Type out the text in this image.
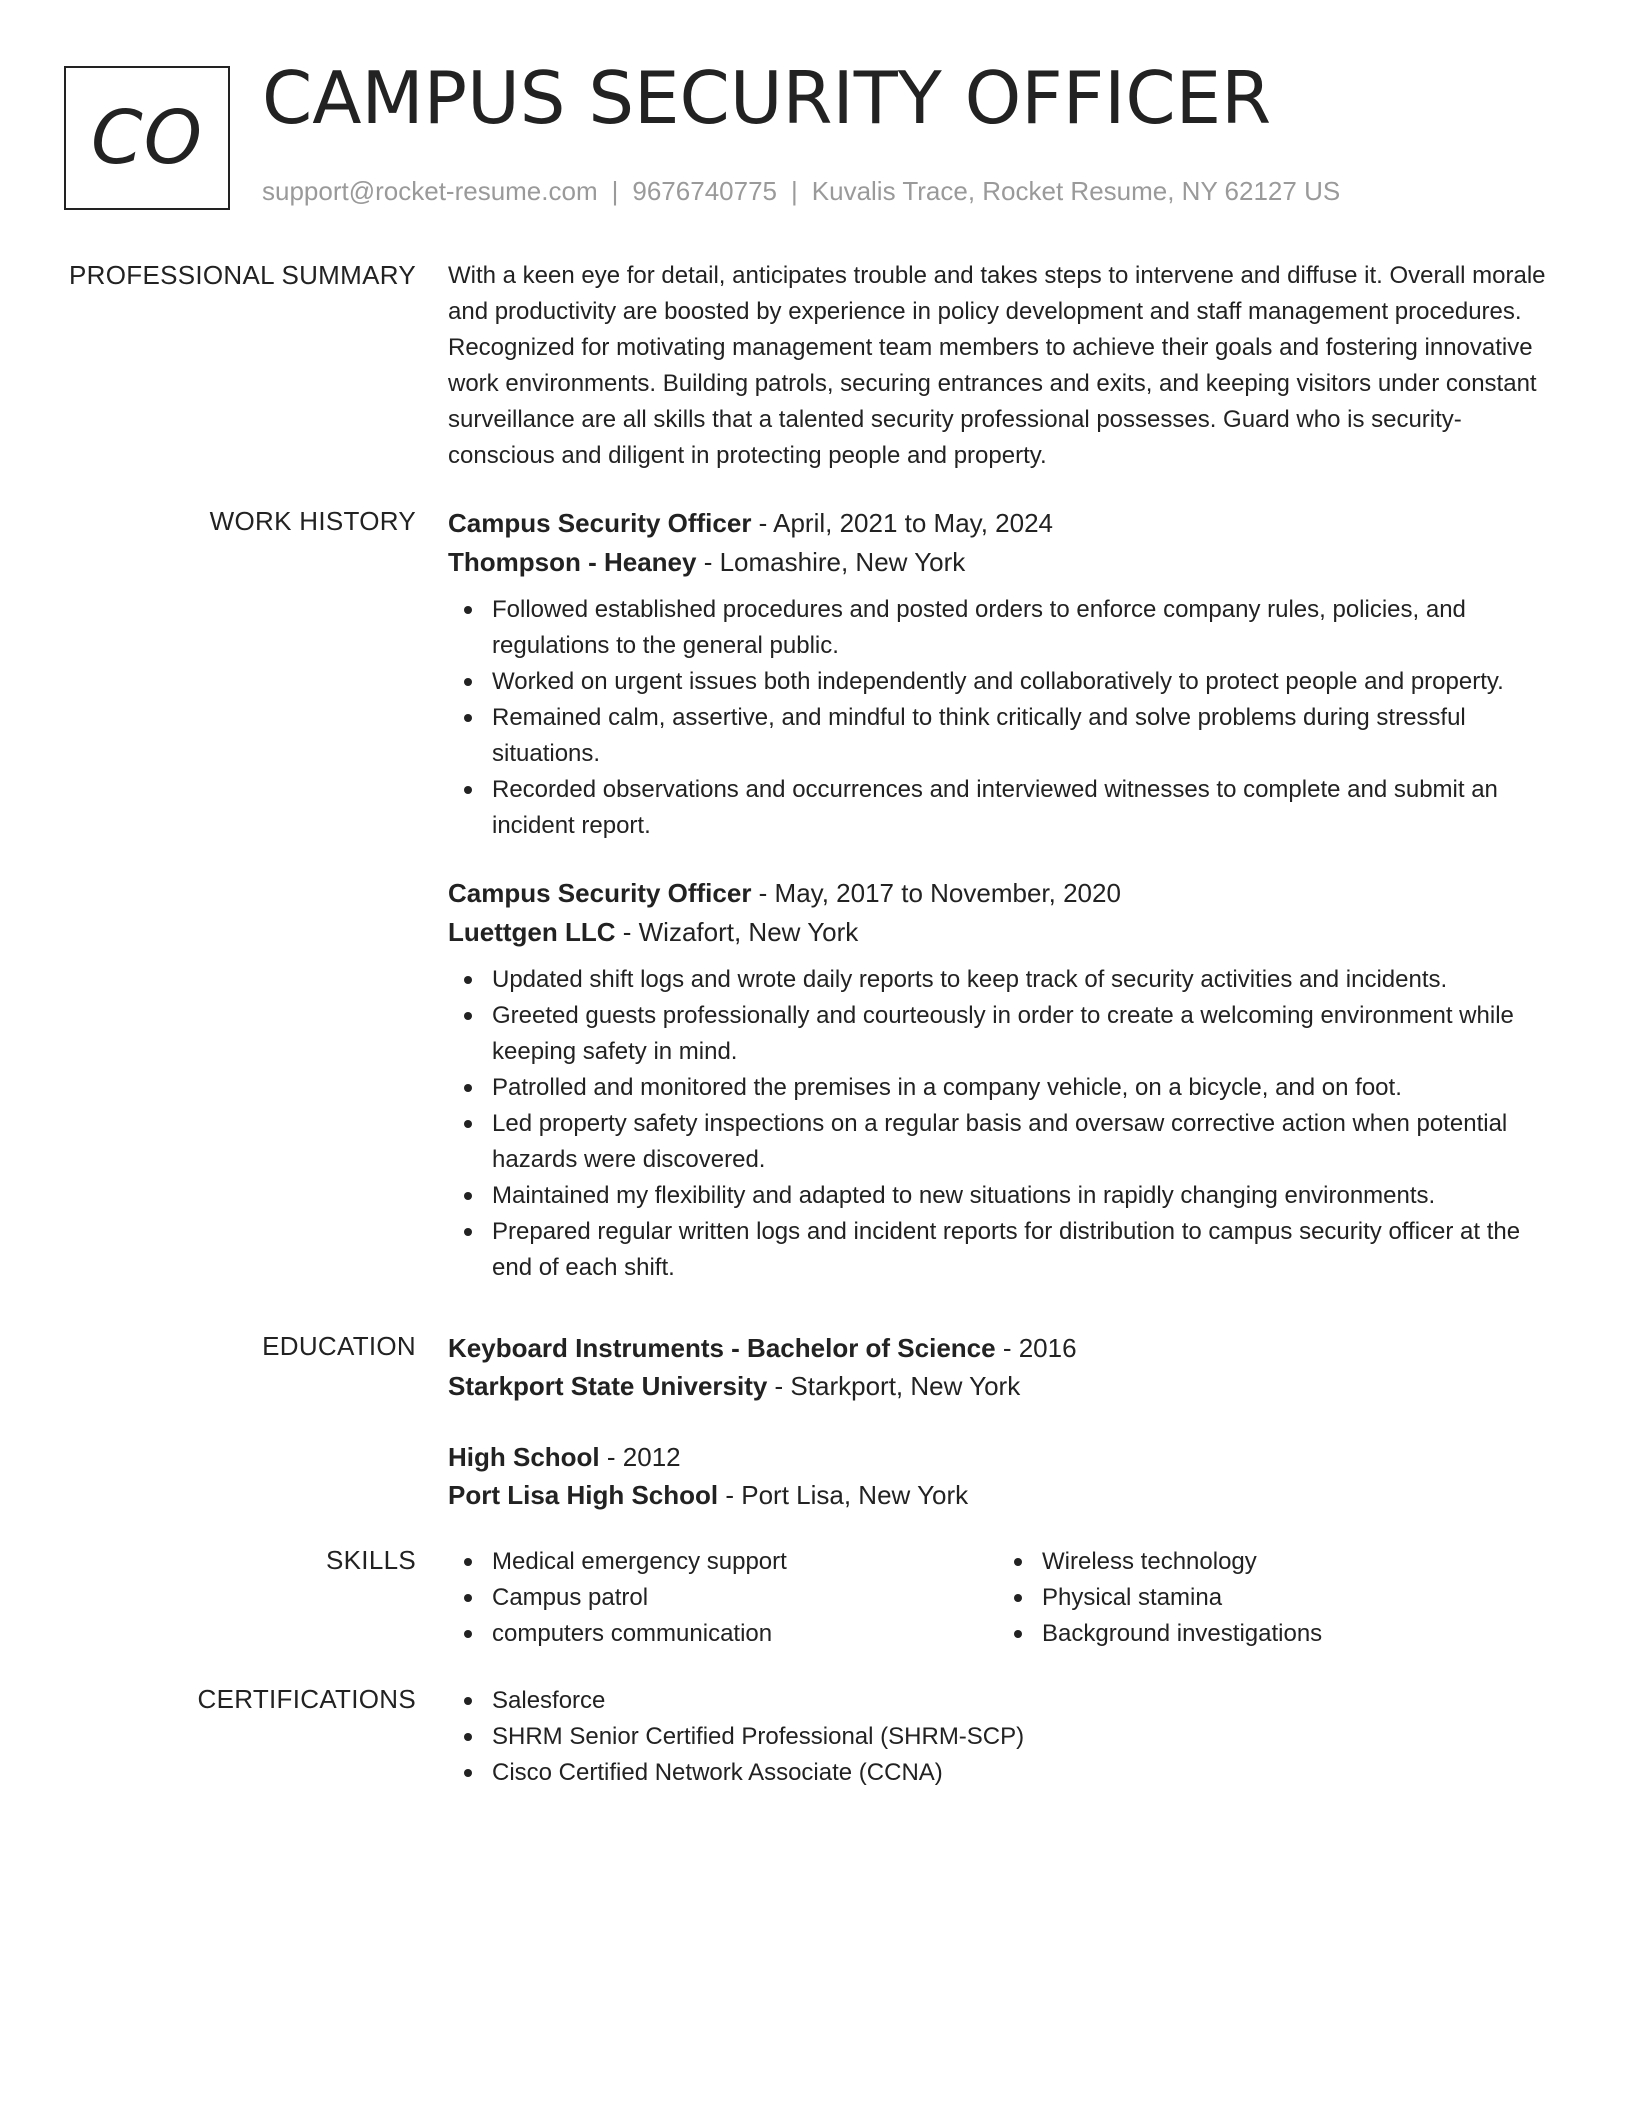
CO CAMPUS SECURITY OFFICER
support@rocket-resume.com | 9676740775 | Kuvalis Trace, Rocket Resume, NY 62127 US
PROFESSIONAL SUMMARY With a keen eye for detail, anticipates trouble and takes steps to intervene and diffuse it. Overall morale and productivity are boosted by experience in policy development and staff management procedures. Recognized for motivating management team members to achieve their goals and fostering innovative work environments. Building patrols, securing entrances and exits, and keeping visitors under constant surveillance are all skills that a talented security professional possesses. Guard who is security-conscious and diligent in protecting people and property.
WORK HISTORY Campus Security Officer - April, 2021 to May, 2024
Thompson - Heaney - Lomashire, New York
Followed established procedures and posted orders to enforce company rules, policies, and regulations to the general public.
Worked on urgent issues both independently and collaboratively to protect people and property.
Remained calm, assertive, and mindful to think critically and solve problems during stressful situations.
Recorded observations and occurrences and interviewed witnesses to complete and submit an incident report.
Campus Security Officer - May, 2017 to November, 2020
Luettgen LLC - Wizafort, New York
Updated shift logs and wrote daily reports to keep track of security activities and incidents.
Greeted guests professionally and courteously in order to create a welcoming environment while keeping safety in mind.
Patrolled and monitored the premises in a company vehicle, on a bicycle, and on foot.
Led property safety inspections on a regular basis and oversaw corrective action when potential hazards were discovered.
Maintained my flexibility and adapted to new situations in rapidly changing environments.
Prepared regular written logs and incident reports for distribution to campus security officer at the end of each shift.
EDUCATION Keyboard Instruments - Bachelor of Science - 2016
Starkport State University - Starkport, New York
High School - 2012
Port Lisa High School - Port Lisa, New York
SKILLS	Medical emergency support
Campus patrol
computers communication
Wireless technology
Physical stamina
Background investigations
CERTIFICATIONS	Salesforce
SHRM Senior Certified Professional (SHRM-SCP)
Cisco Certified Network Associate (CCNA)
